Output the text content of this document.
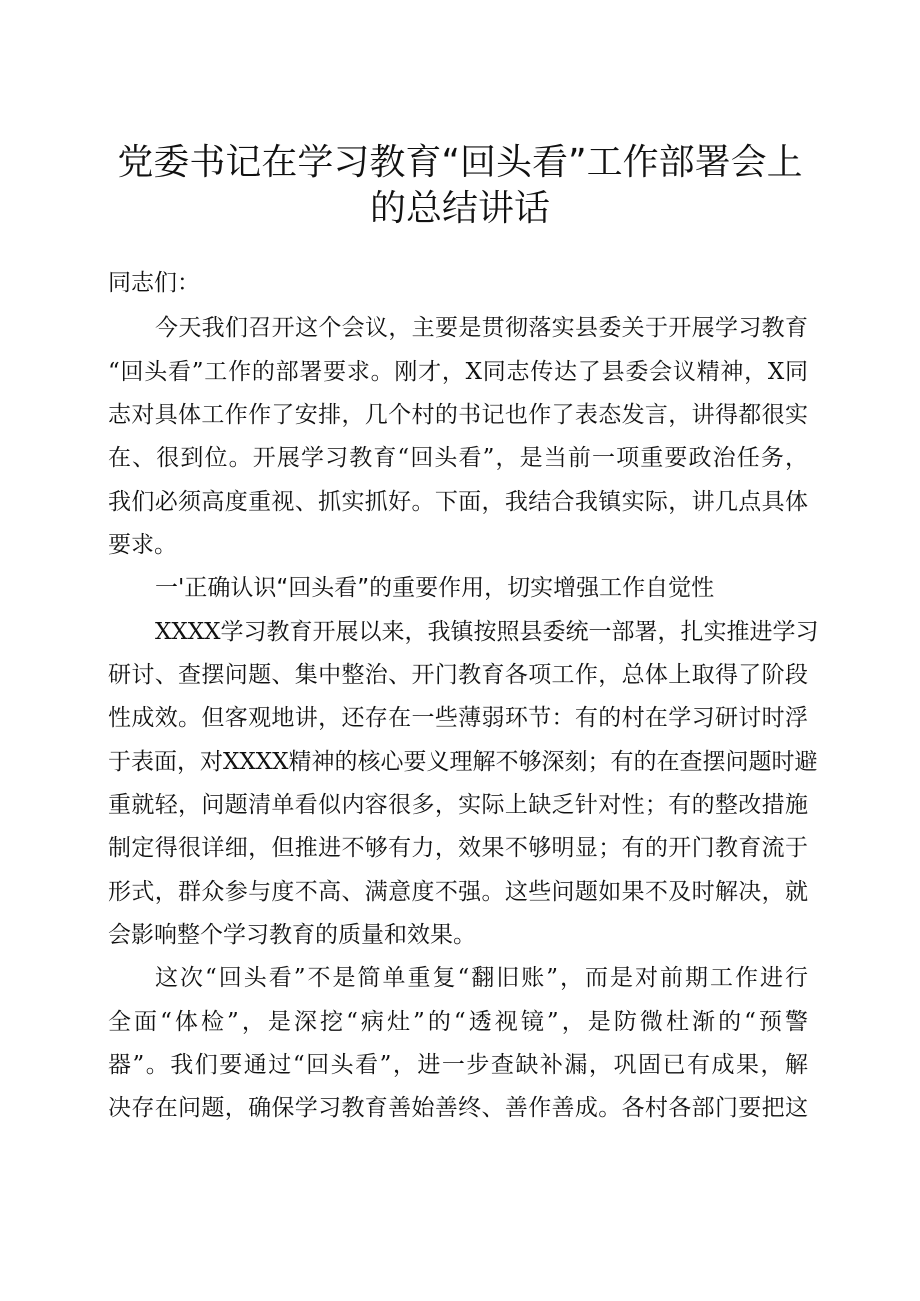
党委书记在学习教育“回头看”工作部署会上
的总结讲话

同志们：

今天我们召开这个会议，主要是贯彻落实县委关于开展学习教育

“回头看”工作的部署要求。刚才，X同志传达了县委会议精神，X同

志对具体工作作了安排，几个村的书记也作了表态发言，讲得都很实

在、很到位。开展学习教育“回头看”，是当前一项重要政治任务，

我们必须高度重视、抓实抓好。下面，我结合我镇实际，讲几点具体

要求。

一'正确认识“回头看”的重要作用，切实增强工作自觉性

XXXX学习教育开展以来，我镇按照县委统一部署，扎实推进学习

研讨、查摆问题、集中整治、开门教育各项工作，总体上取得了阶段

性成效。但客观地讲，还存在一些薄弱环节：有的村在学习研讨时浮

于表面，对XXXX精神的核心要义理解不够深刻；有的在查摆问题时避

重就轻，问题清单看似内容很多，实际上缺乏针对性；有的整改措施

制定得很详细，但推进不够有力，效果不够明显；有的开门教育流于

形式，群众参与度不高、满意度不强。这些问题如果不及时解决，就

会影响整个学习教育的质量和效果。

这次“回头看”不是简单重复“翻旧账”，而是对前期工作进行

全面“体检”，是深挖“病灶”的“透视镜”，是防微杜渐的“预警

器”。我们要通过“回头看”，进一步查缺补漏，巩固已有成果，解

决存在问题，确保学习教育善始善终、善作善成。各村各部门要把这
